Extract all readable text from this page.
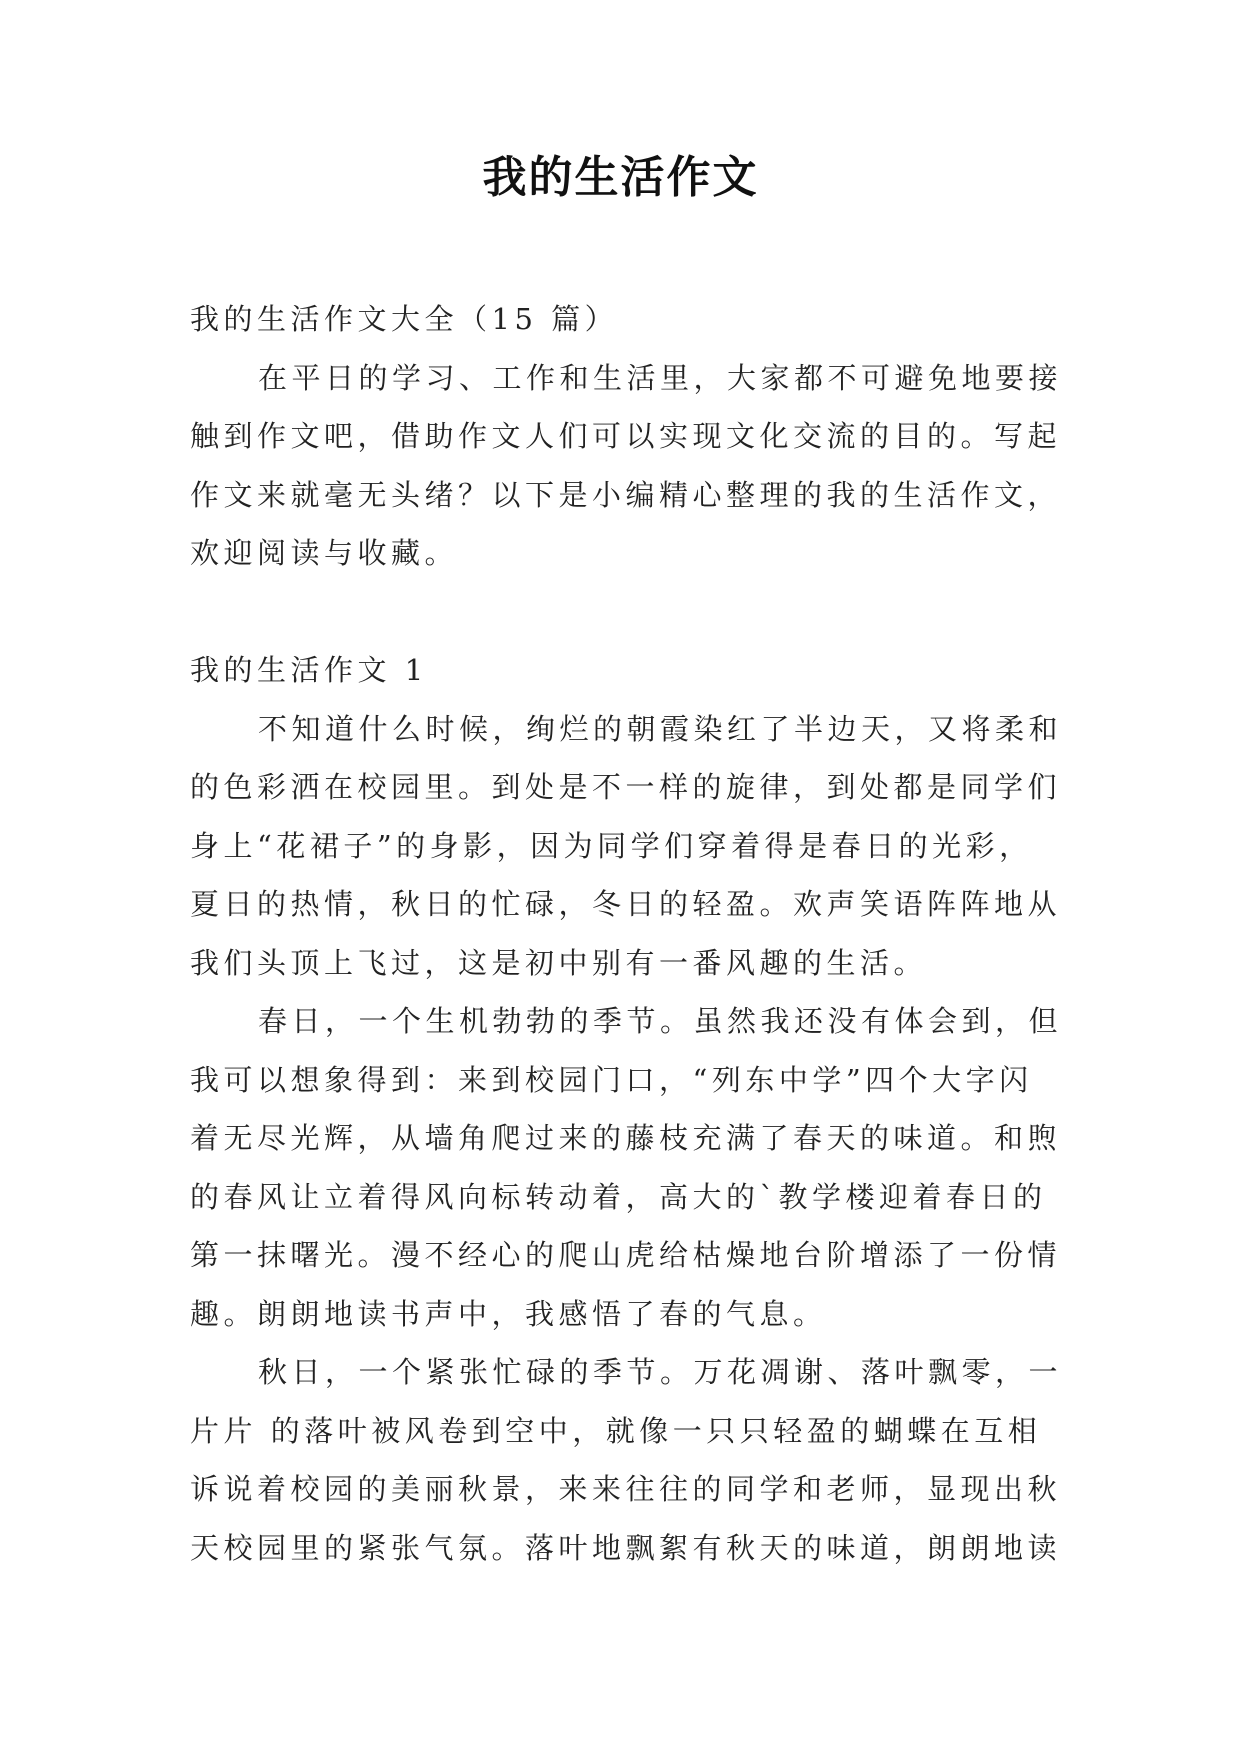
我的生活作文
我的生活作文大全（15 篇）
在平日的学习、工作和生活里，大家都不可避免地要接
触到作文吧，借助作文人们可以实现文化交流的目的。写起
作文来就毫无头绪？以下是小编精心整理的我的生活作文，
欢迎阅读与收藏。
我的生活作文 1
不知道什么时候，绚烂的朝霞染红了半边天，又将柔和
的色彩洒在校园里。到处是不一样的旋律，到处都是同学们
身上“花裙子”的身影，因为同学们穿着得是春日的光彩，
夏日的热情，秋日的忙碌，冬日的轻盈。欢声笑语阵阵地从
我们头顶上飞过，这是初中别有一番风趣的生活。
春日，一个生机勃勃的季节。虽然我还没有体会到，但
我可以想象得到：来到校园门口，“列东中学”四个大字闪
着无尽光辉，从墙角爬过来的藤枝充满了春天的味道。和煦
的春风让立着得风向标转动着，高大的`教学楼迎着春日的
第一抹曙光。漫不经心的爬山虎给枯燥地台阶增添了一份情
趣。朗朗地读书声中，我感悟了春的气息。
秋日，一个紧张忙碌的季节。万花凋谢、落叶飘零，一
片片 的落叶被风卷到空中，就像一只只轻盈的蝴蝶在互相
诉说着校园的美丽秋景，来来往往的同学和老师，显现出秋
天校园里的紧张气氛。落叶地飘絮有秋天的味道，朗朗地读
